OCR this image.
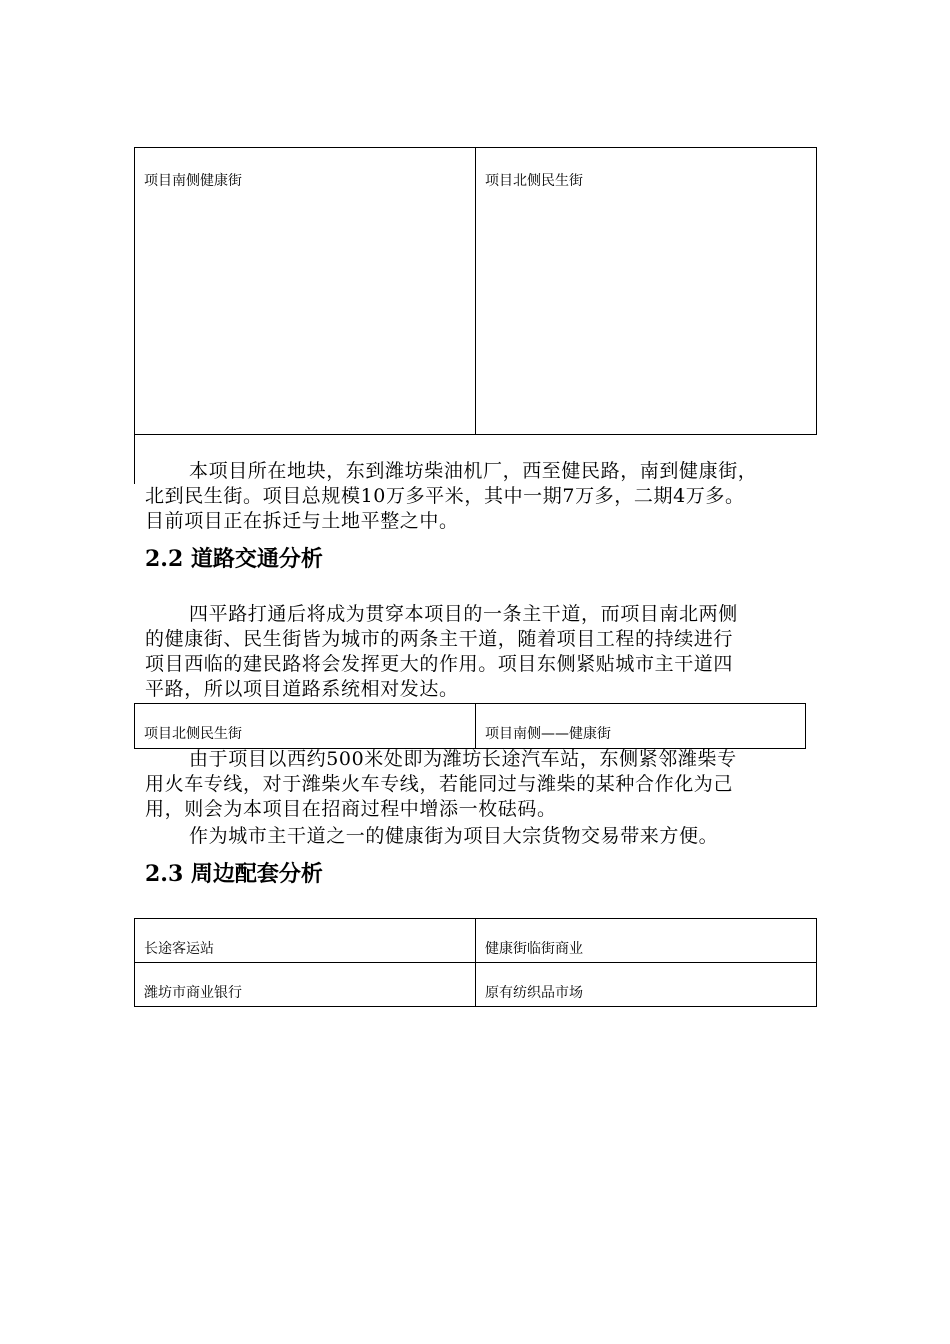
项目南侧健康街	项目北侧民生街

本项目所在地块，东到潍坊柴油机厂，西至健民路，南到健康街，
北到民生街。项目总规模10万多平米，其中一期7万多，二期4万多。
目前项目正在拆迁与土地平整之中。

2.2 道路交通分析

四平路打通后将成为贯穿本项目的一条主干道，而项目南北两侧
的健康街、民生街皆为城市的两条主干道，随着项目工程的持续进行
项目西临的建民路将会发挥更大的作用。项目东侧紧贴城市主干道四
平路，所以项目道路系统相对发达。

项目北侧民生街	项目南侧——健康街

由于项目以西约500米处即为潍坊长途汽车站，东侧紧邻潍柴专
用火车专线，对于潍柴火车专线，若能同过与潍柴的某种合作化为己
用，则会为本项目在招商过程中增添一枚砝码。

作为城市主干道之一的健康街为项目大宗货物交易带来方便。

2.3 周边配套分析
长途客运站	健康街临街商业

潍坊市商业银行	原有纺织品市场
